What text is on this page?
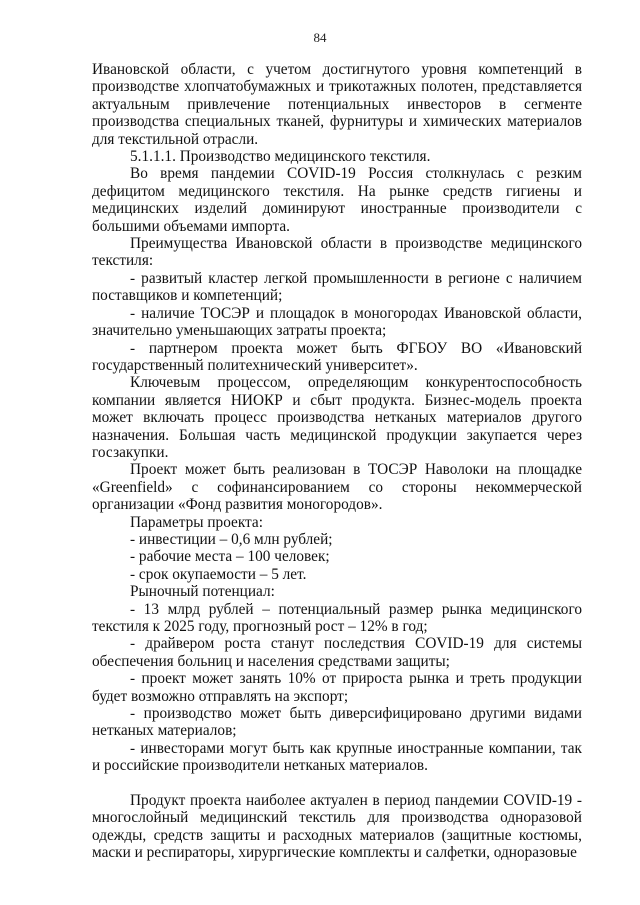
84

Ивановской области, с учетом достигнутого уровня компетенций в производстве хлопчатобумажных и трикотажных полотен, представляется актуальным привлечение потенциальных инвесторов в сегменте производства специальных тканей, фурнитуры и химических материалов для текстильной отрасли.

5.1.1.1. Производство медицинского текстиля.

Во время пандемии COVID-19 Россия столкнулась с резким дефицитом медицинского текстиля. На рынке средств гигиены и медицинских изделий доминируют иностранные производители с большими объемами импорта.

Преимущества Ивановской области в производстве медицинского текстиля:

- развитый кластер легкой промышленности в регионе с наличием поставщиков и компетенций;

- наличие ТОСЭР и площадок в моногородах Ивановской области, значительно уменьшающих затраты проекта;

- партнером проекта может быть ФГБОУ ВО «Ивановский государственный политехнический университет».

Ключевым процессом, определяющим конкурентоспособность компании является НИОКР и сбыт продукта. Бизнес-модель проекта может включать процесс производства нетканых материалов другого назначения. Большая часть медицинской продукции закупается через госзакупки.

Проект может быть реализован в ТОСЭР Наволоки на площадке «Greenfield» с софинансированием со стороны некоммерческой организации «Фонд развития моногородов».

Параметры проекта:

- инвестиции – 0,6 млн рублей;

- рабочие места – 100 человек;

- срок окупаемости – 5 лет.

Рыночный потенциал:

- 13 млрд рублей – потенциальный размер рынка медицинского текстиля к 2025 году, прогнозный рост – 12% в год;

- драйвером роста станут последствия COVID-19 для системы обеспечения больниц и населения средствами защиты;

- проект может занять 10% от прироста рынка и треть продукции будет возможно отправлять на экспорт;

- производство может быть диверсифицировано другими видами нетканых материалов;

- инвесторами могут быть как крупные иностранные компании, так и российские производители нетканых материалов.

Продукт проекта наиболее актуален в период пандемии COVID-19 - многослойный медицинский текстиль для производства одноразовой одежды, средств защиты и расходных материалов (защитные костюмы, маски и респираторы, хирургические комплекты и салфетки, одноразовые
